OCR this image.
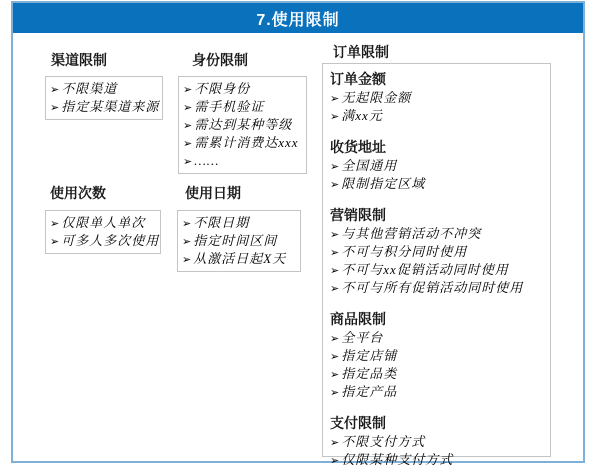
7.使用限制
渠道限制
➢ 不限渠道
➢ 指定某渠道来源
身份限制
➢ 不限身份
➢ 需手机验证
➢ 需达到某种等级
➢ 需累计消费达xxx
➢ ……
使用次数
➢ 仅限单人单次
➢ 可多人多次使用
使用日期
➢ 不限日期
➢ 指定时间区间
➢ 从激活日起X天
订单限制
订单金额
➢ 无起限金额
➢ 满xx元
收货地址
➢ 全国通用
➢ 限制指定区域
营销限制
➢ 与其他营销活动不冲突
➢ 不可与积分同时使用
➢ 不可与xx促销活动同时使用
➢ 不可与所有促销活动同时使用
商品限制
➢ 全平台
➢ 指定店铺
➢ 指定品类
➢ 指定产品
支付限制
➢ 不限支付方式
➢ 仅限某种支付方式
